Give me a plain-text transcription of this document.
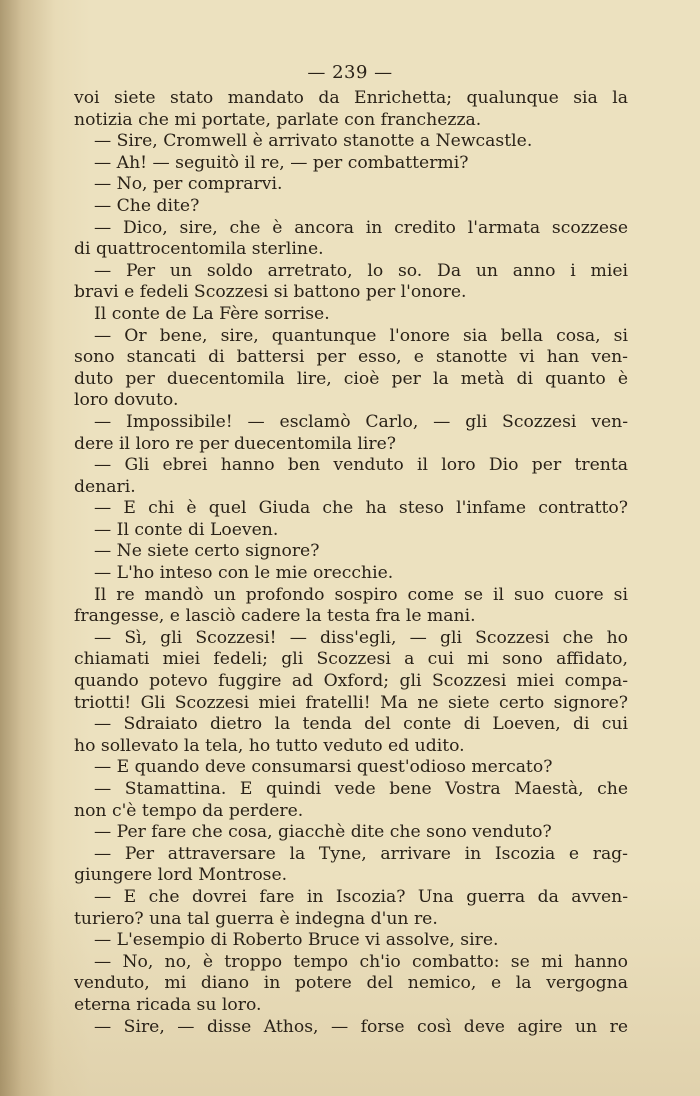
— 239 —
voi siete stato mandato da Enrichetta; qualunque sia la
notizia che mi portate, parlate con franchezza.
— Sire, Cromwell è arrivato stanotte a Newcastle.
— Ah! — seguitò il re, — per combattermi?
— No, per comprarvi.
— Che dite?
— Dico, sire, che è ancora in credito l'armata scozzese
di quattrocentomila sterline.
— Per un soldo arretrato, lo so. Da un anno i miei
bravi e fedeli Scozzesi si battono per l'onore.
Il conte de La Fère sorrise.
— Or bene, sire, quantunque l'onore sia bella cosa, si
sono stancati di battersi per esso, e stanotte vi han ven-
duto per duecentomila lire, cioè per la metà di quanto è
loro dovuto.
— Impossibile! — esclamò Carlo, — gli Scozzesi ven-
dere il loro re per duecentomila lire?
— Gli ebrei hanno ben venduto il loro Dio per trenta
denari.
— E chi è quel Giuda che ha steso l'infame contratto?
— Il conte di Loeven.
— Ne siete certo signore?
— L'ho inteso con le mie orecchie.
Il re mandò un profondo sospiro come se il suo cuore si
frangesse, e lasciò cadere la testa fra le mani.
— Sì, gli Scozzesi! — diss'egli, — gli Scozzesi che ho
chiamati miei fedeli; gli Scozzesi a cui mi sono affidato,
quando potevo fuggire ad Oxford; gli Scozzesi miei compa-
triotti! Gli Scozzesi miei fratelli! Ma ne siete certo signore?
— Sdraiato dietro la tenda del conte di Loeven, di cui
ho sollevato la tela, ho tutto veduto ed udito.
— E quando deve consumarsi quest'odioso mercato?
— Stamattina. E quindi vede bene Vostra Maestà, che
non c'è tempo da perdere.
— Per fare che cosa, giacchè dite che sono venduto?
— Per attraversare la Tyne, arrivare in Iscozia e rag-
giungere lord Montrose.
— E che dovrei fare in Iscozia? Una guerra da avven-
turiero? una tal guerra è indegna d'un re.
— L'esempio di Roberto Bruce vi assolve, sire.
— No, no, è troppo tempo ch'io combatto: se mi hanno
venduto, mi diano in potere del nemico, e la vergogna
eterna ricada su loro.
— Sire, — disse Athos, — forse così deve agire un re
